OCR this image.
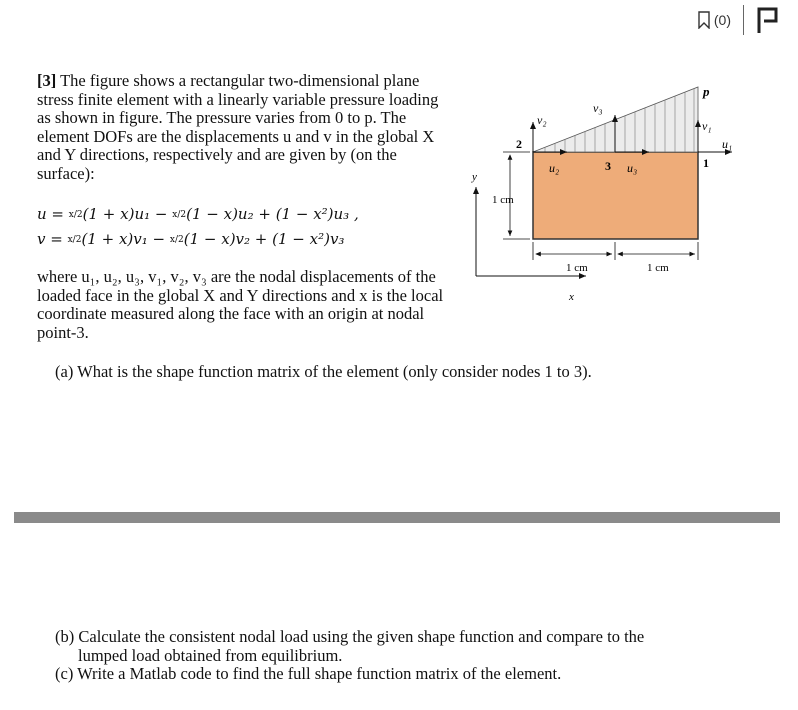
(0)
[3] The figure shows a rectangular two-dimensional plane stress finite element with a linearly variable pressure loading as shown in figure. The pressure varies from 0 to p. The element DOFs are the displacements u and v in the global X and Y directions, respectively and are given by (on the surface):
u = x/2(1 + x)u₁ − x/2(1 − x)u₂ + (1 − x²)u₃ ,
v = x/2(1 + x)v₁ − x/2(1 − x)v₂ + (1 − x²)v₃
where u₁, u₂, u₃, v₁, v₂, v₃ are the nodal displacements of the loaded face in the global X and Y directions and x is the local coordinate measured along the face with an origin at nodal point-3.
(a) What is the shape function matrix of the element (only consider nodes 1 to 3).
(b) Calculate the consistent nodal load using the given shape function and compare to the
lumped load obtained from equilibrium.
(c) Write a Matlab code to find the full shape function matrix of the element.
p
1
v₁
u₁
2
v₂
u₂	3
v₃
u₃
1 cm
1 cm	1 cm
y
x
